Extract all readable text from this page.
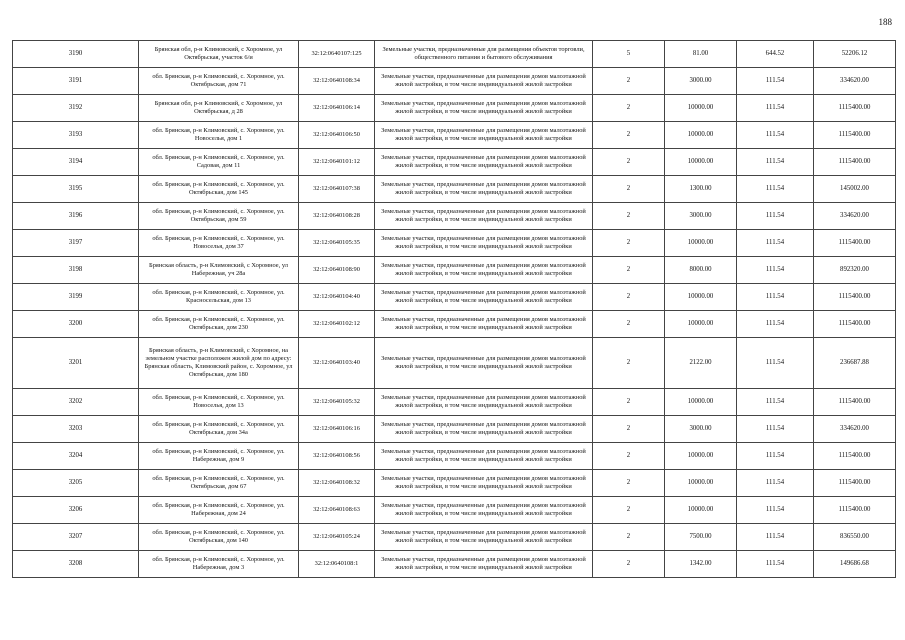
188
3190	Брянская обл, р-н Климовский, с Хоромное, ул Октябрьская, участок 6/и	32:12:0640107:125	Земельные участки, предназначенные для размещения объектов торговли, общественного питания и бытового обслуживания	5	81.00	644.52	52206.12
3191	обл. Брянская, р-н Климовский, с. Хоромное, ул. Октябрьская, дом 71	32:12:0640108:34	Земельные участки, предназначенные для размещения домов малоэтажной жилой застройки, в том числе индивидуальной жилой застройки	2	3000.00	111.54	334620.00
3192	Брянская обл, р-н Климовский, с Хоромное, ул Октябрьская, д 28	32:12:0640106:14	Земельные участки, предназначенные для размещения домов малоэтажной жилой застройки, в том числе индивидуальной жилой застройки	2	10000.00	111.54	1115400.00
3193	обл. Брянская, р-н Климовский, с. Хоромное, ул. Новоселья, дом 1	32:12:0640106:50	Земельные участки, предназначенные для размещения домов малоэтажной жилой застройки, в том числе индивидуальной жилой застройки	2	10000.00	111.54	1115400.00
3194	обл. Брянская, р-н Климовский, с. Хоромное, ул. Садовая, дом 11	32:12:0640101:12	Земельные участки, предназначенные для размещения домов малоэтажной жилой застройки, в том числе индивидуальной жилой застройки	2	10000.00	111.54	1115400.00
3195	обл. Брянская, р-н Климовский, с. Хоромное, ул. Октябрьская, дом 145	32:12:0640107:38	Земельные участки, предназначенные для размещения домов малоэтажной жилой застройки, в том числе индивидуальной жилой застройки	2	1300.00	111.54	145002.00
3196	обл. Брянская, р-н Климовский, с. Хоромное, ул. Октябрьская, дом 59	32:12:0640108:28	Земельные участки, предназначенные для размещения домов малоэтажной жилой застройки, в том числе индивидуальной жилой застройки	2	3000.00	111.54	334620.00
3197	обл. Брянская, р-н Климовский, с. Хоромное, ул. Новоселья, дом 37	32:12:0640105:35	Земельные участки, предназначенные для размещения домов малоэтажной жилой застройки, в том числе индивидуальной жилой застройки	2	10000.00	111.54	1115400.00
3198	Брянская область, р-н Климовский, с Хоромное, ул Набережная, уч 28а	32:12:0640108:90	Земельные участки, предназначенные для размещения домов малоэтажной жилой застройки, в том числе индивидуальной жилой застройки	2	8000.00	111.54	892320.00
3199	обл. Брянская, р-н Климовский, с. Хоромное, ул. Красносельская, дом 13	32:12:0640104:40	Земельные участки, предназначенные для размещения домов малоэтажной жилой застройки, в том числе индивидуальной жилой застройки	2	10000.00	111.54	1115400.00
3200	обл. Брянская, р-н Климовский, с. Хоромное, ул. Октябрьская, дом 230	32:12:0640102:12	Земельные участки, предназначенные для размещения домов малоэтажной жилой застройки, в том числе индивидуальной жилой застройки	2	10000.00	111.54	1115400.00
3201	Брянская область, р-н Климовский, с Хоромное, на земельном участке расположен жилой дом по адресу: Брянская область, Климовский район, с. Хоромное, ул Октябрьская, дом 180	32:12:0640103:40	Земельные участки, предназначенные для размещения домов малоэтажной жилой застройки, в том числе индивидуальной жилой застройки	2	2122.00	111.54	236687.88
3202	обл. Брянская, р-н Климовский, с. Хоромное, ул. Новоселья, дом 13	32:12:0640105:32	Земельные участки, предназначенные для размещения домов малоэтажной жилой застройки, в том числе индивидуальной жилой застройки	2	10000.00	111.54	1115400.00
3203	обл. Брянская, р-н Климовский, с. Хоромное, ул. Октябрьская, дом 34а	32:12:0640106:16	Земельные участки, предназначенные для размещения домов малоэтажной жилой застройки, в том числе индивидуальной жилой застройки	2	3000.00	111.54	334620.00
3204	обл. Брянская, р-н Климовский, с. Хоромное, ул. Набережная, дом 9	32:12:0640108:56	Земельные участки, предназначенные для размещения домов малоэтажной жилой застройки, в том числе индивидуальной жилой застройки	2	10000.00	111.54	1115400.00
3205	обл. Брянская, р-н Климовский, с. Хоромное, ул. Октябрьская, дом 67	32:12:0640108:32	Земельные участки, предназначенные для размещения домов малоэтажной жилой застройки, в том числе индивидуальной жилой застройки	2	10000.00	111.54	1115400.00
3206	обл. Брянская, р-н Климовский, с. Хоромное, ул. Набережная, дом 24	32:12:0640108:63	Земельные участки, предназначенные для размещения домов малоэтажной жилой застройки, в том числе индивидуальной жилой застройки	2	10000.00	111.54	1115400.00
3207	обл. Брянская, р-н Климовский, с. Хоромное, ул. Октябрьская, дом 140	32:12:0640105:24	Земельные участки, предназначенные для размещения домов малоэтажной жилой застройки, в том числе индивидуальной жилой застройки	2	7500.00	111.54	836550.00
3208	обл. Брянская, р-н Климовский, с. Хоромное, ул. Набережная, дом 3	32:12:0640108:1	Земельные участки, предназначенные для размещения домов малоэтажной жилой застройки, в том числе индивидуальной жилой застройки	2	1342.00	111.54	149686.68
